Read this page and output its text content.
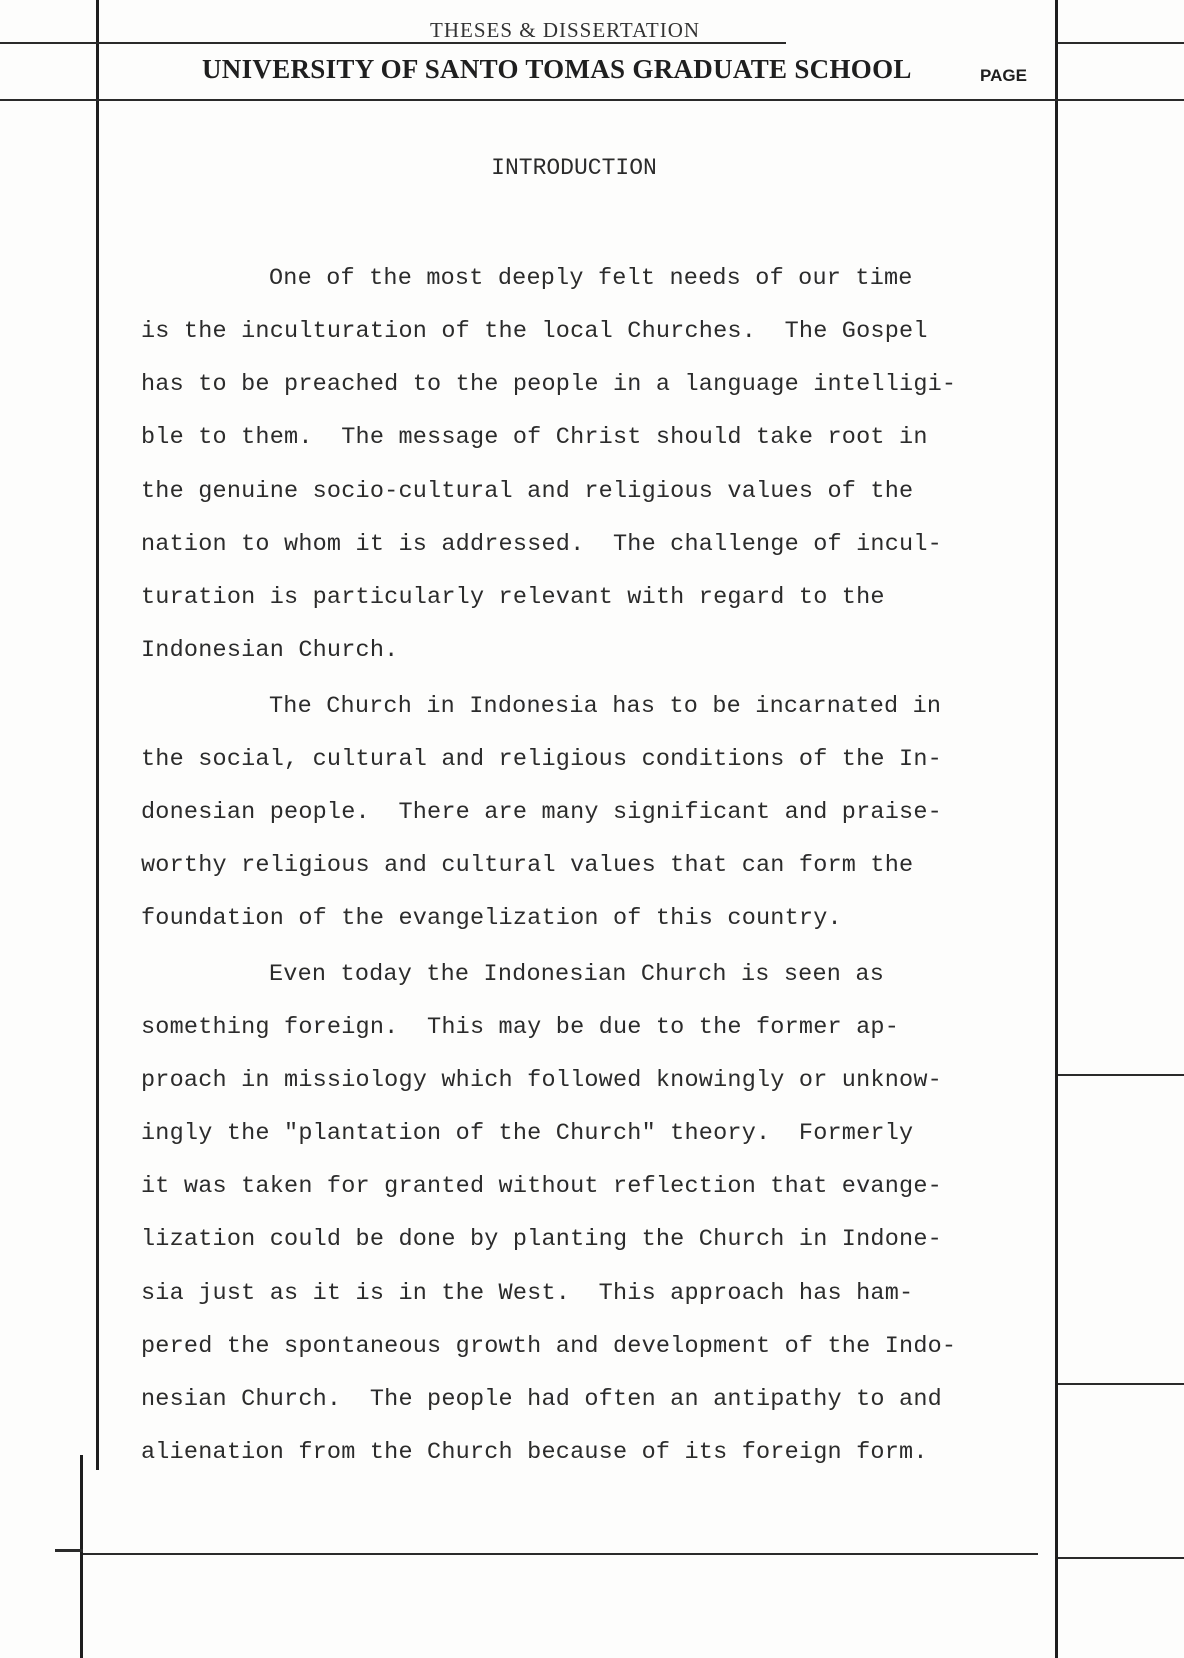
THESES & DISSERTATION
UNIVERSITY OF SANTO TOMAS GRADUATE SCHOOL	PAGE
INTRODUCTION
One of the most deeply felt needs of our time
is the inculturation of the local Churches.  The Gospel
has to be preached to the people in a language intelligi-
ble to them.  The message of Christ should take root in
the genuine socio-cultural and religious values of the
nation to whom it is addressed.  The challenge of incul-
turation is particularly relevant with regard to the
Indonesian Church.
The Church in Indonesia has to be incarnated in
the social, cultural and religious conditions of the In-
donesian people.  There are many significant and praise-
worthy religious and cultural values that can form the
foundation of the evangelization of this country.
Even today the Indonesian Church is seen as
something foreign.  This may be due to the former ap-
proach in missiology which followed knowingly or unknow-
ingly the "plantation of the Church" theory.  Formerly
it was taken for granted without reflection that evange-
lization could be done by planting the Church in Indone-
sia just as it is in the West.  This approach has ham-
pered the spontaneous growth and development of the Indo-
nesian Church.  The people had often an antipathy to and
alienation from the Church because of its foreign form.
